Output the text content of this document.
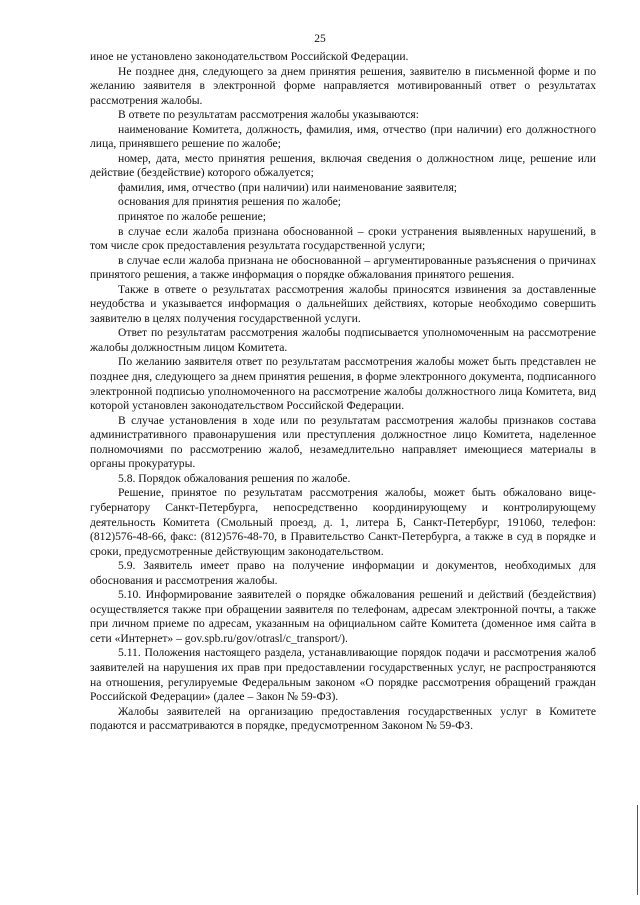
25

иное не установлено законодательством Российской Федерации.

Не позднее дня, следующего за днем принятия решения, заявителю в письменной форме и по желанию заявителя в электронной форме направляется мотивированный ответ о результатах рассмотрения жалобы.

В ответе по результатам рассмотрения жалобы указываются:

наименование Комитета, должность, фамилия, имя, отчество (при наличии) его должностного лица, принявшего решение по жалобе;

номер, дата, место принятия решения, включая сведения о должностном лице, решение или действие (бездействие) которого обжалуется;

фамилия, имя, отчество (при наличии) или наименование заявителя;

основания для принятия решения по жалобе;

принятое по жалобе решение;

в случае если жалоба признана обоснованной – сроки устранения выявленных нарушений, в том числе срок предоставления результата государственной услуги;

в случае если жалоба признана не обоснованной – аргументированные разъяснения о причинах принятого решения, а также информация о порядке обжалования принятого решения.

Также в ответе о результатах рассмотрения жалобы приносятся извинения за доставленные неудобства и указывается информация о дальнейших действиях, которые необходимо совершить заявителю в целях получения государственной услуги.

Ответ по результатам рассмотрения жалобы подписывается уполномоченным на рассмотрение жалобы должностным лицом Комитета.

По желанию заявителя ответ по результатам рассмотрения жалобы может быть представлен не позднее дня, следующего за днем принятия решения, в форме электронного документа, подписанного электронной подписью уполномоченного на рассмотрение жалобы должностного лица Комитета, вид которой установлен законодательством Российской Федерации.

В случае установления в ходе или по результатам рассмотрения жалобы признаков состава административного правонарушения или преступления должностное лицо Комитета, наделенное полномочиями по рассмотрению жалоб, незамедлительно направляет имеющиеся материалы в органы прокуратуры.

5.8. Порядок обжалования решения по жалобе.

Решение, принятое по результатам рассмотрения жалобы, может быть обжаловано вице-губернатору Санкт-Петербурга, непосредственно координирующему и контролирующему деятельность Комитета (Смольный проезд, д. 1, литера Б, Санкт-Петербург, 191060, телефон: (812)576-48-66, факс: (812)576-48-70, в Правительство Санкт-Петербурга, а также в суд в порядке и сроки, предусмотренные действующим законодательством.

5.9. Заявитель имеет право на получение информации и документов, необходимых для обоснования и рассмотрения жалобы.

5.10. Информирование заявителей о порядке обжалования решений и действий (бездействия) осуществляется также при обращении заявителя по телефонам, адресам электронной почты, а также при личном приеме по адресам, указанным на официальном сайте Комитета (доменное имя сайта в сети «Интернет» – gov.spb.ru/gov/otrasl/c_transport/).

5.11. Положения настоящего раздела, устанавливающие порядок подачи и рассмотрения жалоб заявителей на нарушения их прав при предоставлении государственных услуг, не распространяются на отношения, регулируемые Федеральным законом «О порядке рассмотрения обращений граждан Российской Федерации» (далее – Закон № 59-ФЗ).

Жалобы заявителей на организацию предоставления государственных услуг в Комитете подаются и рассматриваются в порядке, предусмотренном Законом № 59-ФЗ.
